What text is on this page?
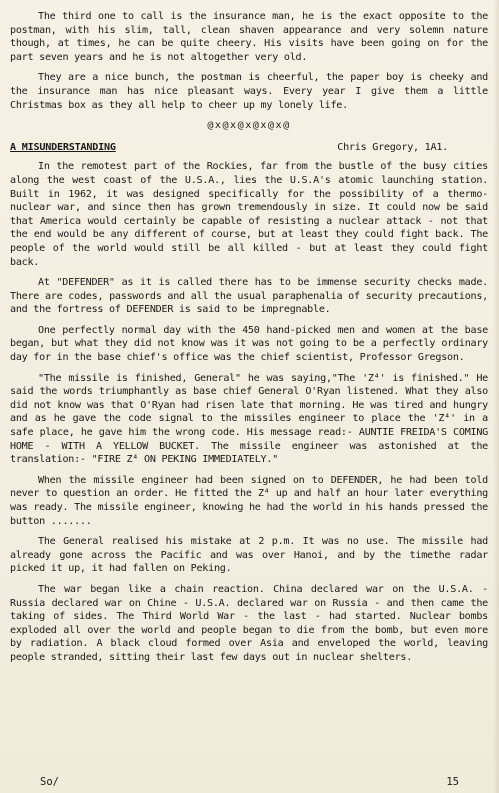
The third one to call is the insurance man, he is the exact opposite to the postman, with his slim, tall, clean shaven appearance and very solemn nature though, at times, he can be quite cheery. His visits have been going on for the part seven years and he is not altogether very old.

They are a nice bunch, the postman is cheerful, the paper boy is cheeky and the insurance man has nice pleasant ways. Every year I give them a little Christmas box as they all help to cheer up my lonely life.

@x@x@x@x@x@
A MISUNDERSTANDING	Chris Gregory, 1A1.

In the remotest part of the Rockies, far from the bustle of the busy cities along the west coast of the U.S.A., lies the U.S.A's atomic launching station. Built in 1962, it was designed specifically for the possibility of a thermo-nuclear war, and since then has grown tremendously in size. It could now be said that America would certainly be capable of resisting a nuclear attack - not that the end would be any different of course, but at least they could fight back. The people of the world would still be all killed - but at least they could fight back.

At "DEFENDER" as it is called there has to be immense security checks made. There are codes, passwords and all the usual paraphenalia of security precautions, and the fortress of DEFENDER is said to be impregnable.

One perfectly normal day with the 450 hand-picked men and women at the base began, but what they did not know was it was not going to be a perfectly ordinary day for in the base chief's office was the chief scientist, Professor Gregson.

"The missile is finished, General" he was saying,"The 'Z⁴' is finished." He said the words triumphantly as base chief General O'Ryan listened. What they also did not know was that O'Ryan had risen late that morning. He was tired and hungry and as he gave the code signal to the missiles engineer to place the 'Z⁴' in a safe place, he gave him the wrong code. His message read:- AUNTIE FREIDA'S COMING HOME - WITH A YELLOW BUCKET. The missile engineer was astonished at the translation:- "FIRE Z⁴ ON PEKING IMMEDIATELY."

When the missile engineer had been signed on to DEFENDER, he had been told never to question an order. He fitted the Z⁴ up and half an hour later everything was ready. The missile engineer, knowing he had the world in his hands pressed the button .......

The General realised his mistake at 2 p.m. It was no use. The missile had already gone across the Pacific and was over Hanoi, and by the timethe radar picked it up, it had fallen on Peking.

The war began like a chain reaction. China declared war on the U.S.A. - Russia declared war on Chine - U.S.A. declared war on Russia - and then came the taking of sides. The Third World War - the last - had started. Nuclear bombs exploded all over the world and people began to die from the bomb, but even more by radiation. A black cloud formed over Asia and enveloped the world, leaving people stranded, sitting their last few days out in nuclear shelters.

So/	15
